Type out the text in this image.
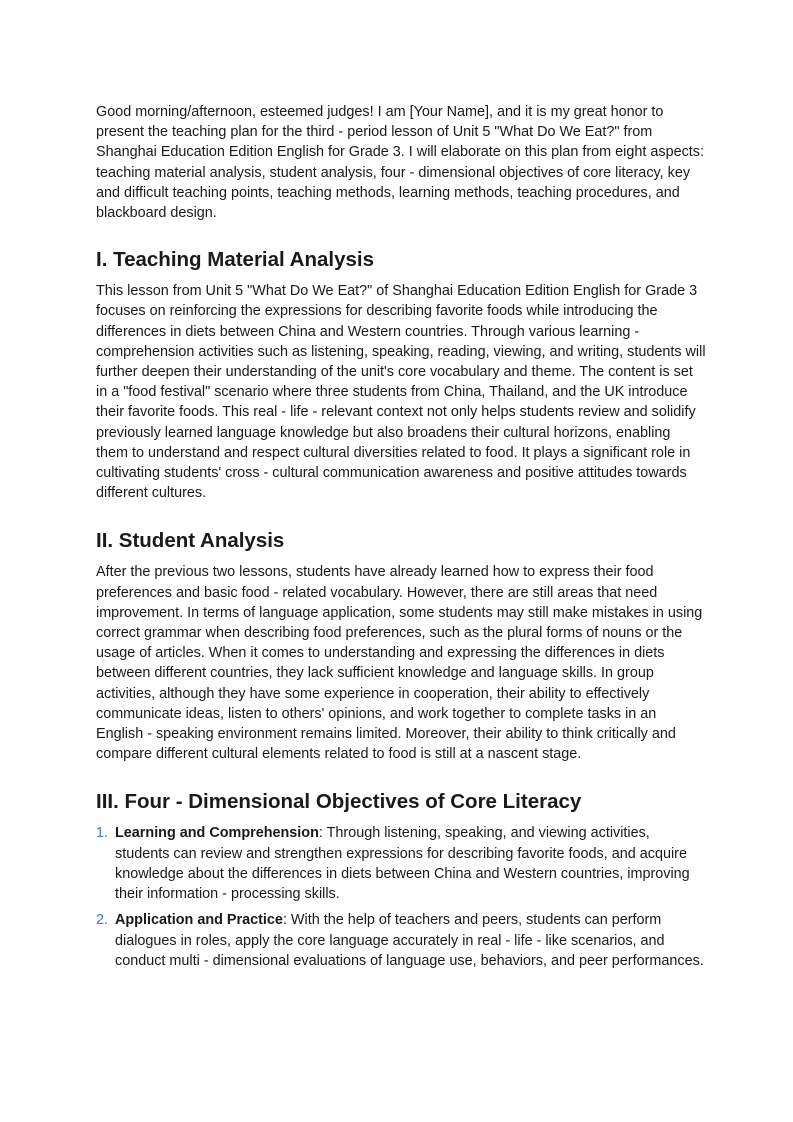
Good morning/afternoon, esteemed judges! I am [Your Name], and it is my great honor to present the teaching plan for the third - period lesson of Unit 5 "What Do We Eat?" from Shanghai Education Edition English for Grade 3. I will elaborate on this plan from eight aspects: teaching material analysis, student analysis, four - dimensional objectives of core literacy, key and difficult teaching points, teaching methods, learning methods, teaching procedures, and blackboard design.

I. Teaching Material Analysis

This lesson from Unit 5 "What Do We Eat?" of Shanghai Education Edition English for Grade 3 focuses on reinforcing the expressions for describing favorite foods while introducing the differences in diets between China and Western countries. Through various learning - comprehension activities such as listening, speaking, reading, viewing, and writing, students will further deepen their understanding of the unit's core vocabulary and theme. The content is set in a "food festival" scenario where three students from China, Thailand, and the UK introduce their favorite foods. This real - life - relevant context not only helps students review and solidify previously learned language knowledge but also broadens their cultural horizons, enabling them to understand and respect cultural diversities related to food. It plays a significant role in cultivating students' cross - cultural communication awareness and positive attitudes towards different cultures.

II. Student Analysis

After the previous two lessons, students have already learned how to express their food preferences and basic food - related vocabulary. However, there are still areas that need improvement. In terms of language application, some students may still make mistakes in using correct grammar when describing food preferences, such as the plural forms of nouns or the usage of articles. When it comes to understanding and expressing the differences in diets between different countries, they lack sufficient knowledge and language skills. In group activities, although they have some experience in cooperation, their ability to effectively communicate ideas, listen to others' opinions, and work together to complete tasks in an English - speaking environment remains limited. Moreover, their ability to think critically and compare different cultural elements related to food is still at a nascent stage.

III. Four - Dimensional Objectives of Core Literacy
1. Learning and Comprehension: Through listening, speaking, and viewing activities, students can review and strengthen expressions for describing favorite foods, and acquire knowledge about the differences in diets between China and Western countries, improving their information - processing skills.
2. Application and Practice: With the help of teachers and peers, students can perform dialogues in roles, apply the core language accurately in real - life - like scenarios, and conduct multi - dimensional evaluations of language use, behaviors, and peer performances.
